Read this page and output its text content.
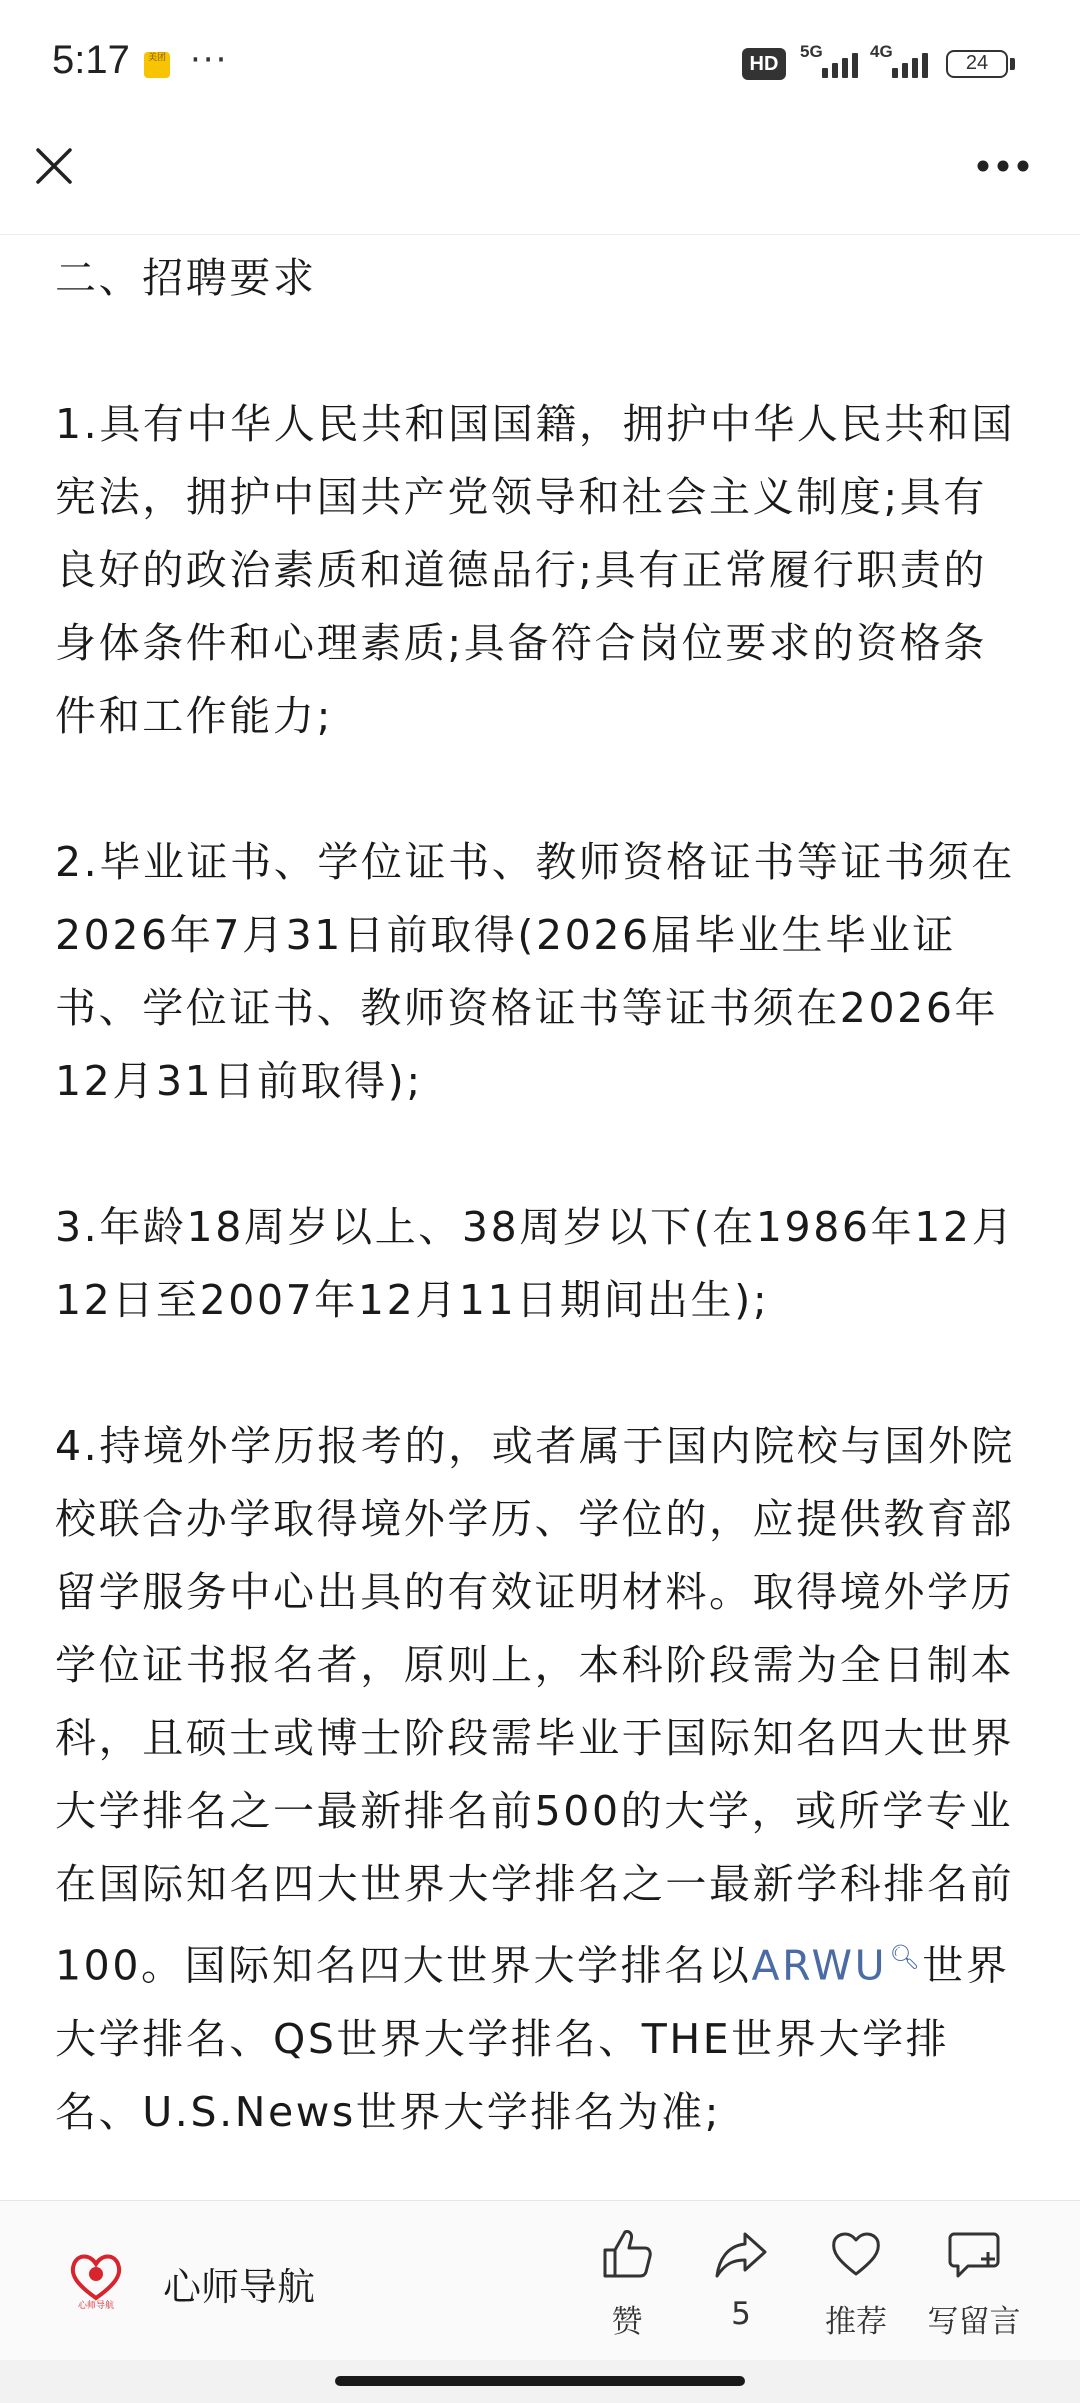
5:17	美团 ···	HD
5G	4G
24

二、招聘要求

1.具有中华人民共和国国籍，拥护中华人民共和国宪法，拥护中国共产党领导和社会主义制度;具有良好的政治素质和道德品行;具有正常履行职责的身体条件和心理素质;具备符合岗位要求的资格条件和工作能力;

2.毕业证书、学位证书、教师资格证书等证书须在2026年7月31日前取得(2026届毕业生毕业证书、学位证书、教师资格证书等证书须在2026年12月31日前取得);

3.年龄18周岁以上、38周岁以下(在1986年12月12日至2007年12月11日期间出生);

4.持境外学历报考的，或者属于国内院校与国外院校联合办学取得境外学历、学位的，应提供教育部留学服务中心出具的有效证明材料。取得境外学历学位证书报名者，原则上，本科阶段需为全日制本科，且硕士或博士阶段需毕业于国际知名四大世界大学排名之一最新排名前500的大学，或所学专业在国际知名四大世界大学排名之一最新学科排名前100。国际知名四大世界大学排名以ARWU🔍︎世界大学排名、QS世界大学排名、THE世界大学排名、U.S.News世界大学排名为准;

心师导航 心师导航
赞	5	推荐	写留言
